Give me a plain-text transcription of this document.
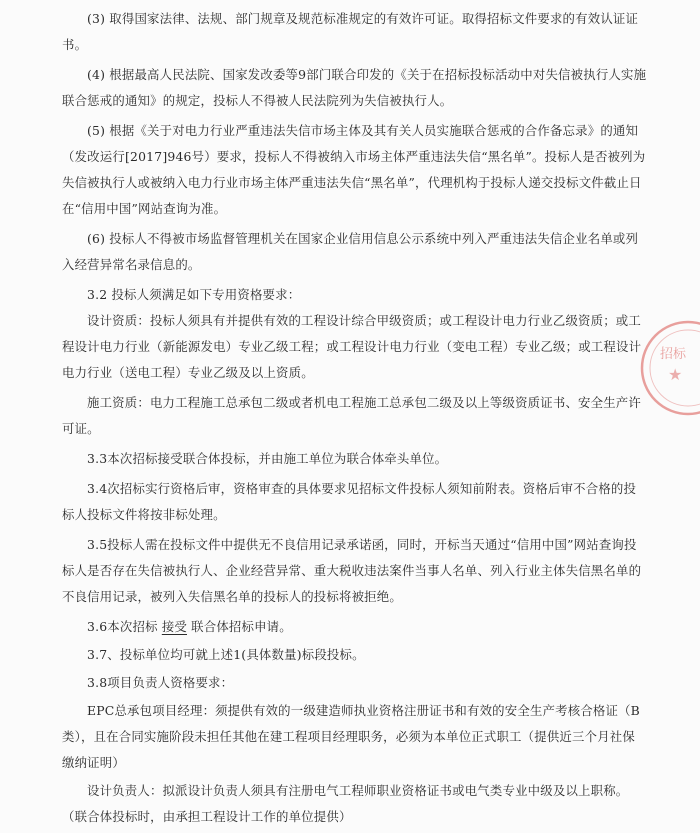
(3) 取得国家法律、法规、部门规章及规范标准规定的有效许可证。取得招标文件要求的有效认证证书。

(4) 根据最高人民法院、国家发改委等9部门联合印发的《关于在招标投标活动中对失信被执行人实施联合惩戒的通知》的规定，投标人不得被人民法院列为失信被执行人。

(5) 根据《关于对电力行业严重违法失信市场主体及其有关人员实施联合惩戒的合作备忘录》的通知（发改运行[2017]946号）要求，投标人不得被纳入市场主体严重违法失信“黑名单”。投标人是否被列为失信被执行人或被纳入电力行业市场主体严重违法失信“黑名单”，代理机构于投标人递交投标文件截止日在“信用中国”网站查询为准。

(6) 投标人不得被市场监督管理机关在国家企业信用信息公示系统中列入严重违法失信企业名单或列入经营异常名录信息的。

3.2 投标人须满足如下专用资格要求：

设计资质：投标人须具有并提供有效的工程设计综合甲级资质；或工程设计电力行业乙级资质；或工程设计电力行业（新能源发电）专业乙级工程；或工程设计电力行业（变电工程）专业乙级；或工程设计电力行业（送电工程）专业乙级及以上资质。

施工资质：电力工程施工总承包二级或者机电工程施工总承包二级及以上等级资质证书、安全生产许可证。

3.3本次招标接受联合体投标，并由施工单位为联合体牵头单位。

3.4次招标实行资格后审，资格审查的具体要求见招标文件投标人须知前附表。资格后审不合格的投标人投标文件将按非标处理。

3.5投标人需在投标文件中提供无不良信用记录承诺函，同时，开标当天通过“信用中国”网站查询投标人是否存在失信被执行人、企业经营异常、重大税收违法案件当事人名单、列入行业主体失信黑名单的不良信用记录，被列入失信黑名单的投标人的投标将被拒绝。

3.6本次招标 接受 联合体招标申请。

3.7、投标单位均可就上述1(具体数量)标段投标。

3.8项目负责人资格要求：

EPC总承包项目经理：须提供有效的一级建造师执业资格注册证书和有效的安全生产考核合格证（B类），且在合同实施阶段未担任其他在建工程项目经理职务，必须为本单位正式职工（提供近三个月社保缴纳证明）

设计负责人：拟派设计负责人须具有注册电气工程师职业资格证书或电气类专业中级及以上职称。（联合体投标时，由承担工程设计工作的单位提供）

招标
★
